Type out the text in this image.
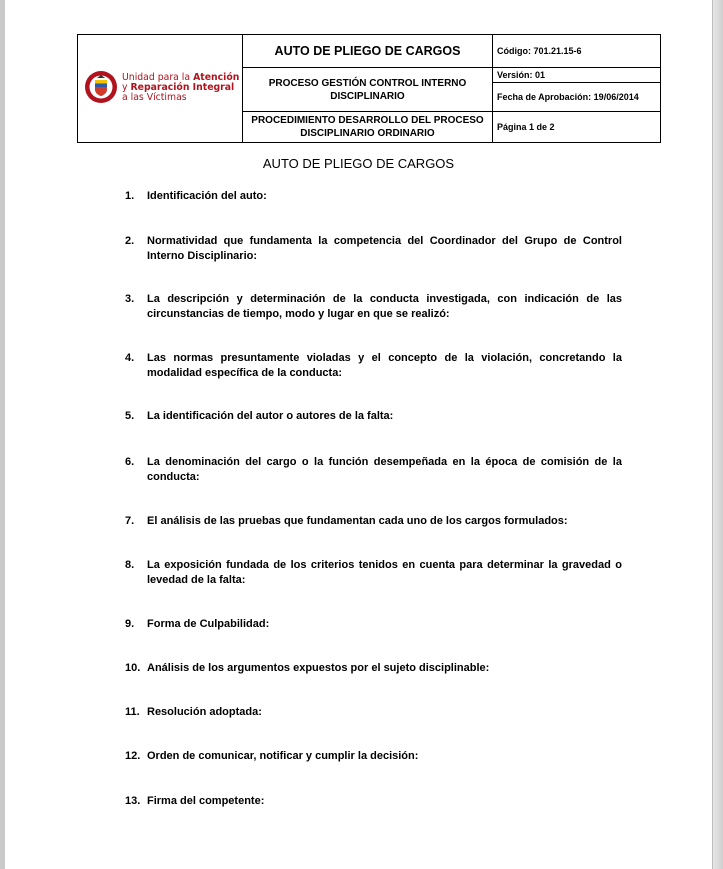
Unidad para la Atención
y Reparación Integral
a las Víctimas	AUTO DE PLIEGO DE CARGOS	Código: 701.21.15-6
	PROCESO GESTIÓN CONTROL INTERNO DISCIPLINARIO	Versión: 01
Fecha de Aprobación: 19/06/2014

	PROCEDIMIENTO DESARROLLO DEL PROCESO DISCIPLINARIO ORDINARIO	Página 1 de 2
AUTO DE PLIEGO DE CARGOS
1.	Identificación del auto:
2.	Normatividad que fundamenta la competencia del Coordinador del Grupo de Control Interno Disciplinario:
3.	La descripción y determinación de la conducta investigada, con indicación de las circunstancias de tiempo, modo y lugar en que se realizó:
4.	Las normas presuntamente violadas y el concepto de la violación, concretando la modalidad específica de la conducta:
5.	La identificación del autor o autores de la falta:
6.	La denominación del cargo o la función desempeñada en la época de comisión de la conducta:
7.	El análisis de las pruebas que fundamentan cada uno de los cargos formulados:
8.	La exposición fundada de los criterios tenidos en cuenta para determinar la gravedad o levedad de la falta:
9.	Forma de Culpabilidad:
10. Análisis de los argumentos expuestos por el sujeto disciplinable:
11. Resolución adoptada:
12. Orden de comunicar, notificar y cumplir la decisión:
13. Firma del competente:
